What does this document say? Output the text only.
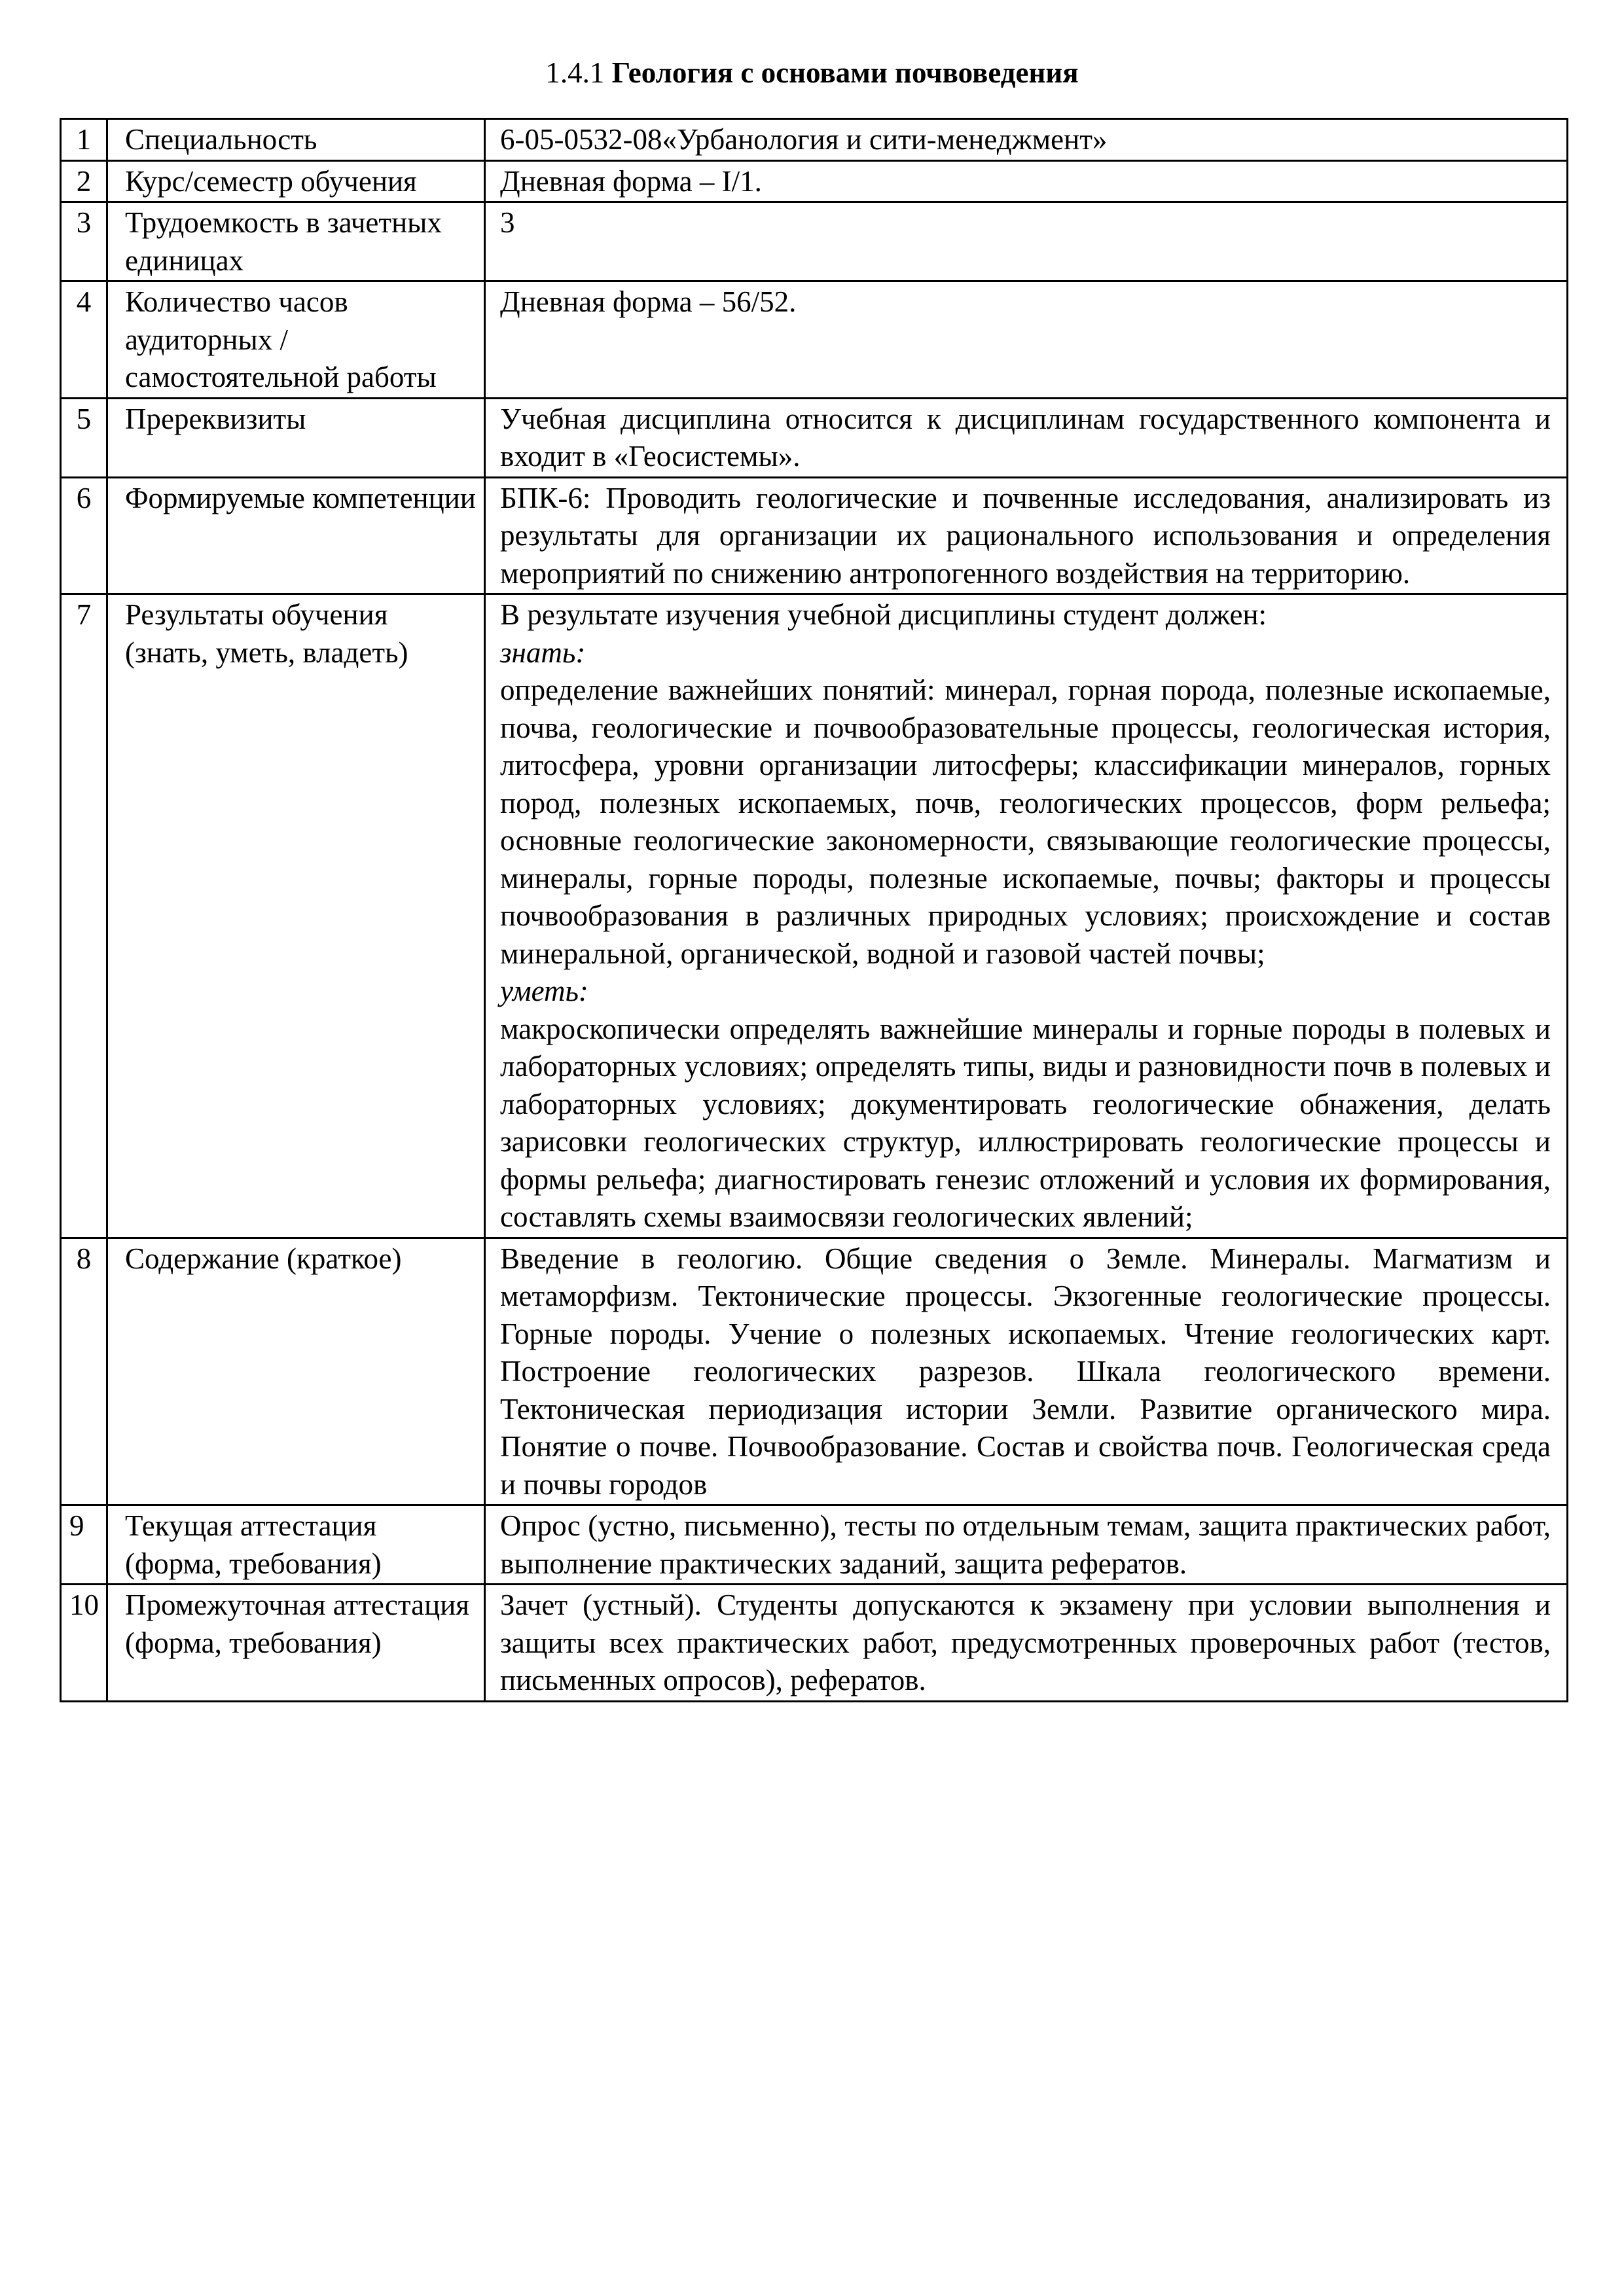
1.4.1 Геология с основами почвоведения
1	Специальность	6-05-0532-08«Урбанология и сити-менеджмент»

2	Курс/семестр обучения	Дневная форма – I/1.

3	Трудоемкость в зачетных единицах	3

4	Количество часов аудиторных / самостоятельной работы	Дневная форма – 56/52.

5	Пререквизиты	Учебная дисциплина относится к дисциплинам государственного компонента и входит в «Геосистемы».

6	Формируемые компетенции	БПК-6: Проводить геологические и почвенные исследования, анализировать из результаты для организации их рационального использования и определения мероприятий по снижению антропогенного воздействия на территорию.

7	Результаты обучения (знать, уметь, владеть)	В результате изучения учебной дисциплины студент должен:

знать:

определение важнейших понятий: минерал, горная порода, полезные ископаемые, почва, геологические и почвообразовательные процессы, геологическая история, литосфера, уровни организации литосферы; классификации минералов, горных пород, полезных ископаемых, почв, геологических процессов, форм рельефа; основные геологические закономерности, связывающие геологические процессы, минералы, горные породы, полезные ископаемые, почвы; факторы и процессы почвообразования в различных природных условиях; происхождение и состав минеральной, органической, водной и газовой частей почвы;

уметь:

макроскопически определять важнейшие минералы и горные породы в полевых и лабораторных условиях; определять типы, виды и разновидности почв в полевых и лабораторных условиях; документировать геологические обнажения, делать зарисовки геологических структур, иллюстрировать геологические процессы и формы рельефа; диагностировать генезис отложений и условия их формирования, составлять схемы взаимосвязи геологических явлений;

8	Содержание (краткое)	Введение в геологию. Общие сведения о Земле. Минералы. Магматизм и метаморфизм. Тектонические процессы. Экзогенные геологические процессы. Горные породы. Учение о полезных ископаемых. Чтение геологических карт. Построение геологических разрезов. Шкала геологического времени. Тектоническая периодизация истории Земли. Развитие органического мира. Понятие о почве. Почвообразование. Состав и свойства почв. Геологическая среда и почвы городов

9	Текущая аттестация (форма, требования)	Опрос (устно, письменно), тесты по отдельным темам, защита практических работ, выполнение практических заданий, защита рефератов.

10	Промежуточная аттестация (форма, требования)	Зачет (устный). Студенты допускаются к экзамену при условии выполнения и защиты всех практических работ, предусмотренных проверочных работ (тестов, письменных опросов), рефератов.
